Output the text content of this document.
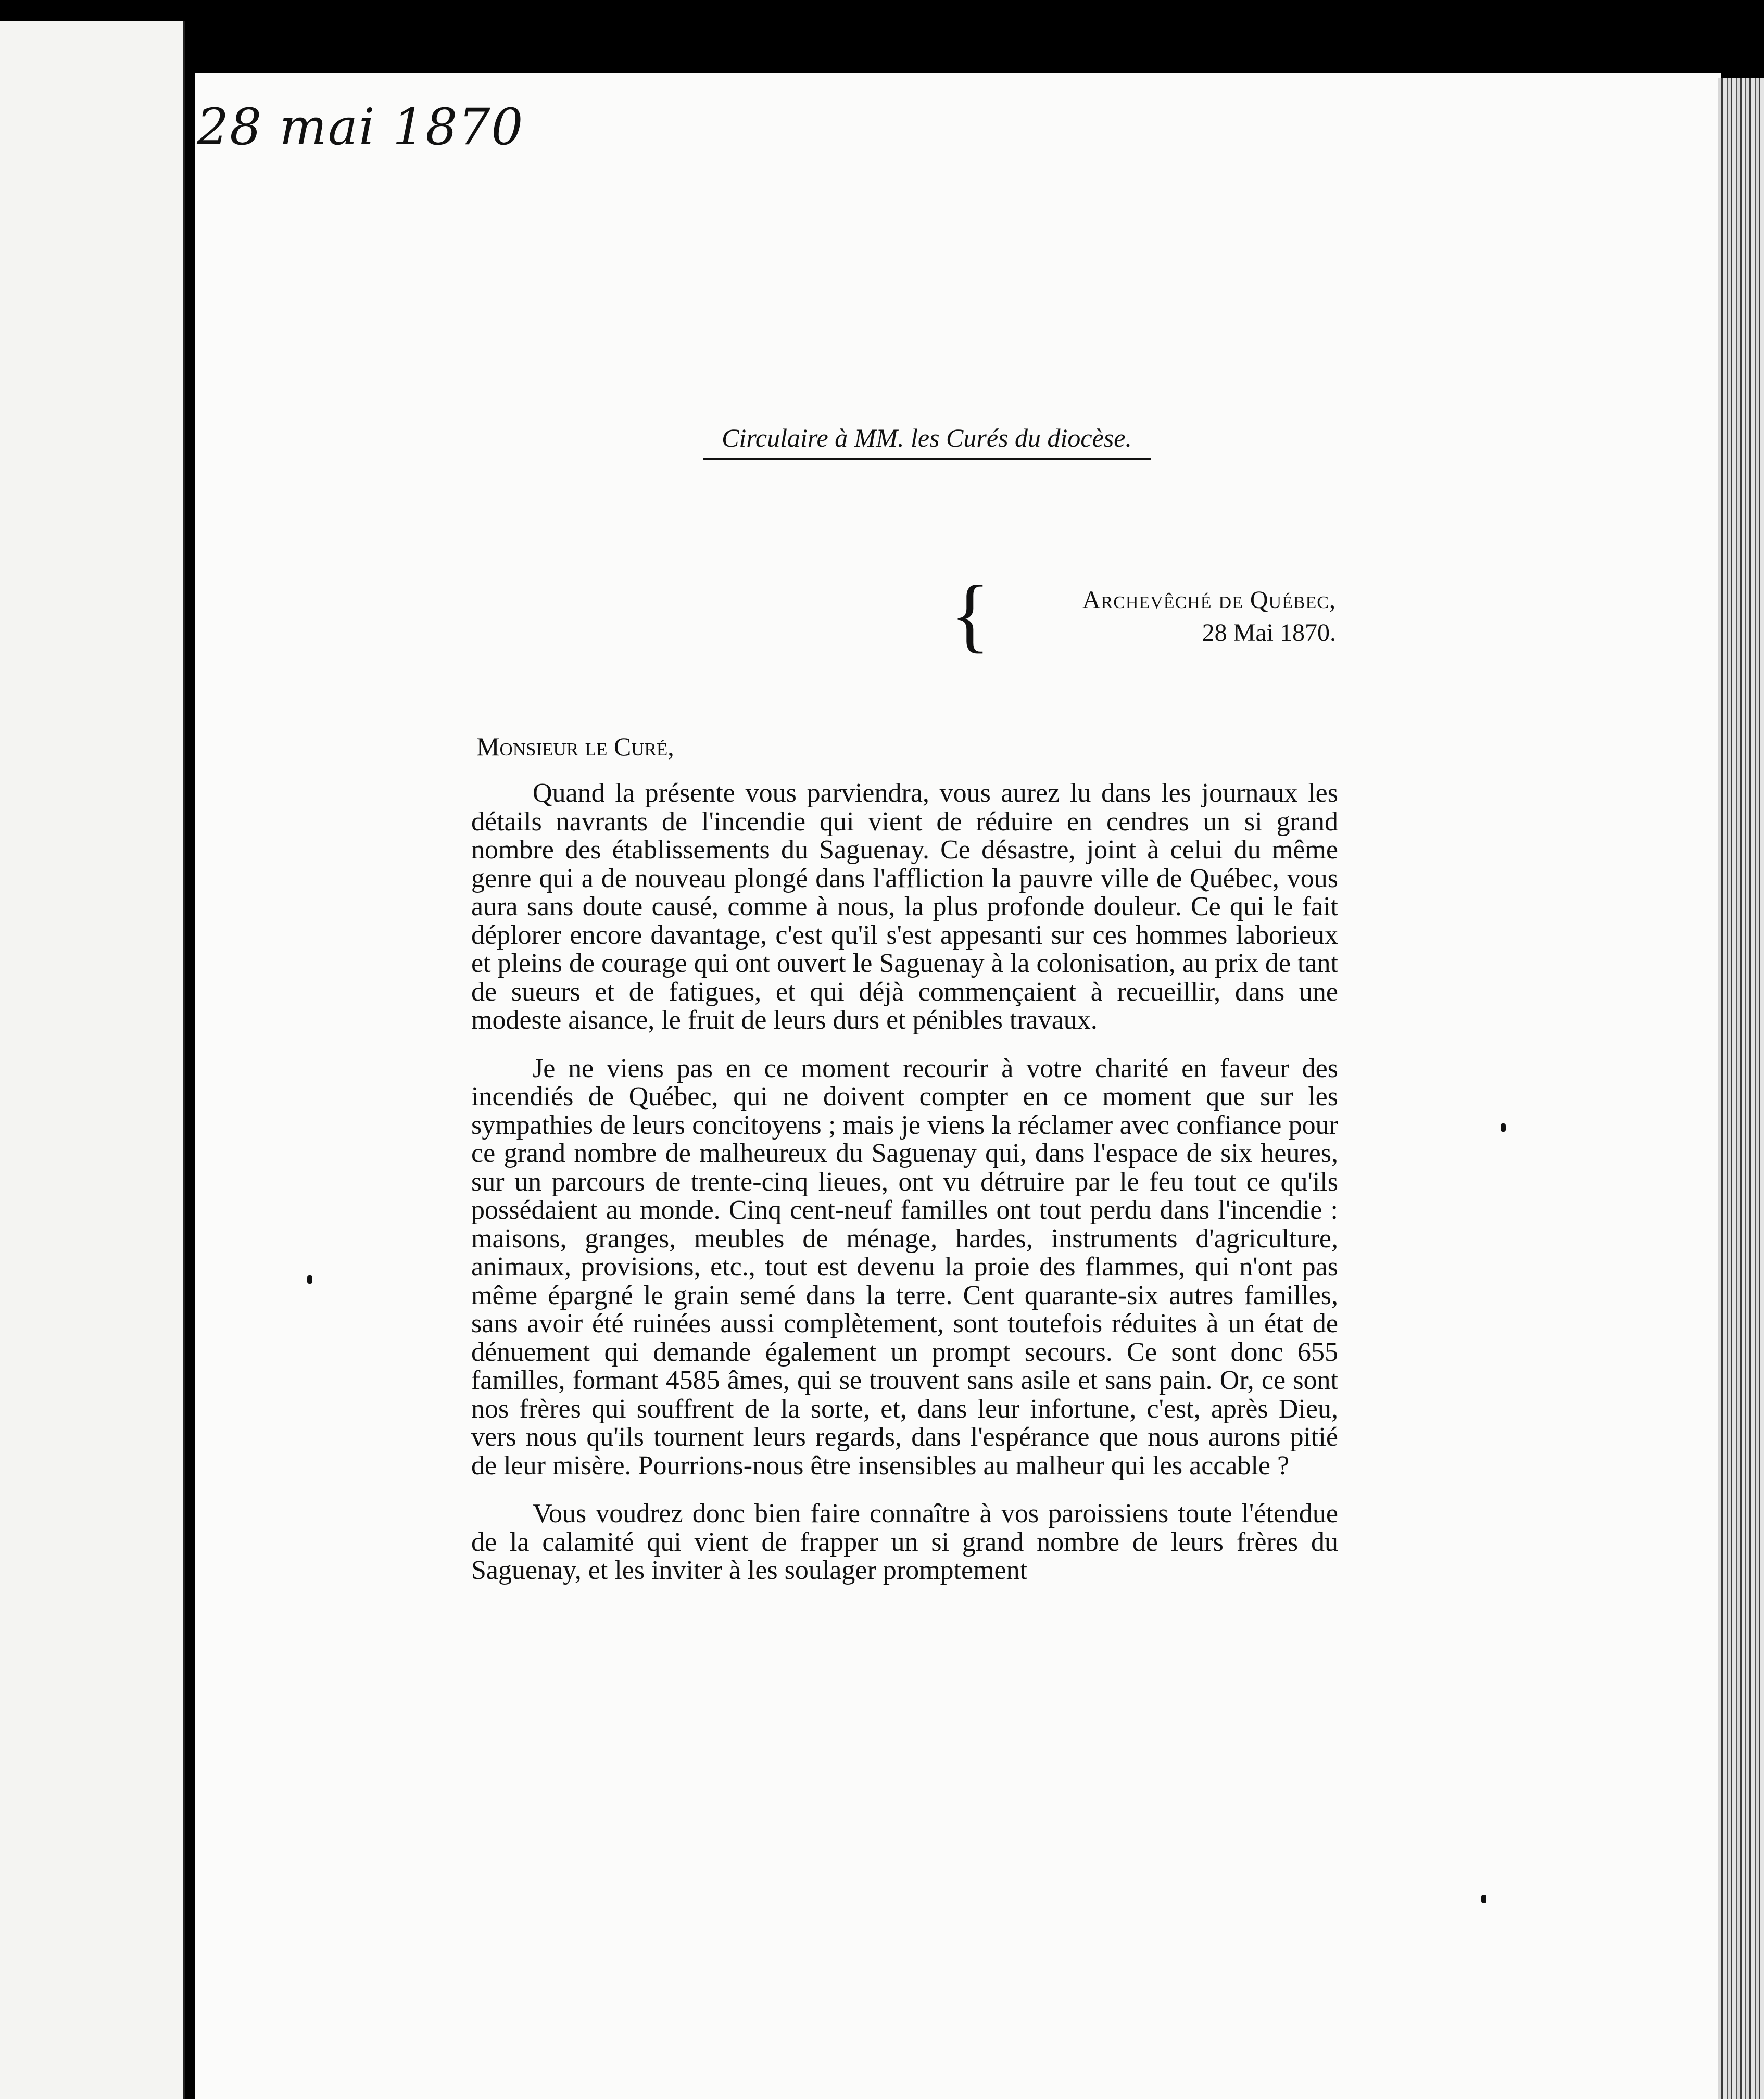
28 mai 1870
Circulaire à MM. les Curés du diocèse.
{	Archevêché de Québec,
28 Mai 1870.
Monsieur le Curé,

Quand la présente vous parviendra, vous aurez lu dans les journaux les détails navrants de l'incendie qui vient de réduire en cendres un si grand nombre des établissements du Saguenay. Ce désastre, joint à celui du même genre qui a de nouveau plongé dans l'affliction la pauvre ville de Québec, vous aura sans doute causé, comme à nous, la plus profonde douleur. Ce qui le fait déplorer encore davantage, c'est qu'il s'est appesanti sur ces hommes laborieux et pleins de courage qui ont ouvert le Saguenay à la colonisation, au prix de tant de sueurs et de fatigues, et qui déjà commençaient à recueillir, dans une modeste aisance, le fruit de leurs durs et pénibles travaux.

Je ne viens pas en ce moment recourir à votre charité en faveur des incendiés de Québec, qui ne doivent compter en ce moment que sur les sympathies de leurs concitoyens ; mais je viens la réclamer avec confiance pour ce grand nombre de malheureux du Saguenay qui, dans l'espace de six heures, sur un parcours de trente-cinq lieues, ont vu détruire par le feu tout ce qu'ils possédaient au monde. Cinq cent-neuf familles ont tout perdu dans l'incendie : maisons, granges, meubles de ménage, hardes, instruments d'agriculture, animaux, provisions, etc., tout est devenu la proie des flammes, qui n'ont pas même épargné le grain semé dans la terre. Cent quarante-six autres familles, sans avoir été ruinées aussi complètement, sont toutefois réduites à un état de dénuement qui demande également un prompt secours. Ce sont donc 655 familles, formant 4585 âmes, qui se trouvent sans asile et sans pain. Or, ce sont nos frères qui souffrent de la sorte, et, dans leur infortune, c'est, après Dieu, vers nous qu'ils tournent leurs regards, dans l'espérance que nous aurons pitié de leur misère. Pourrions-nous être insensibles au malheur qui les accable ?

Vous voudrez donc bien faire connaître à vos paroissiens toute l'étendue de la calamité qui vient de frapper un si grand nombre de leurs frères du Saguenay, et les inviter à les soulager promptement
